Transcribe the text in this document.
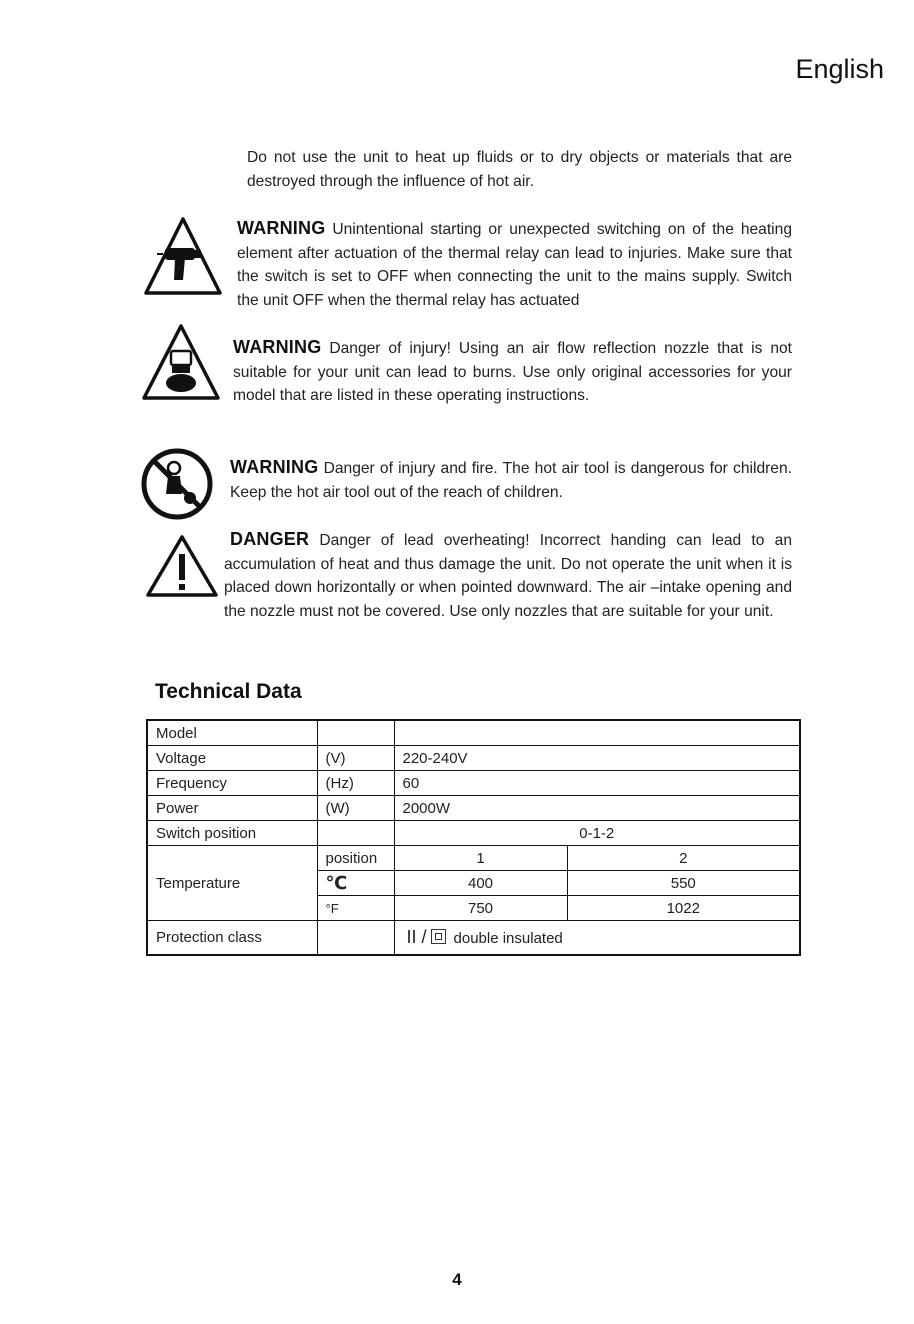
English
Do not use the unit to heat up fluids or to dry objects or materials that are destroyed through the influence of hot air.
WARNING Unintentional starting or unexpected switching on of the heating element after actuation of the thermal relay can lead to injuries. Make sure that the switch is set to OFF when connecting the unit to the mains supply. Switch the unit OFF when the thermal relay has actuated
WARNING Danger of injury! Using an air flow reflection nozzle that is not suitable for your unit can lead to burns. Use only original accessories for your model that are listed in these operating instructions.
WARNING Danger of injury and fire. The hot air tool is dangerous for children. Keep the hot air tool out of the reach of children.
DANGER Danger of lead overheating! Incorrect handing can lead to an accumulation of heat and thus damage the unit. Do not operate the unit when it is placed down horizontally or when pointed downward. The air –intake opening and the nozzle must not be covered. Use only nozzles that are suitable for your unit.
Technical Data
Model			
Voltage	(V)	220-240V	
Frequency	(Hz)	60	
Power	(W)	2000W	
Switch position		0-1-2	
Temperature	position	1	2
	℃	400	550
	°F	750	1022
Protection class		II / double insulated	
4
